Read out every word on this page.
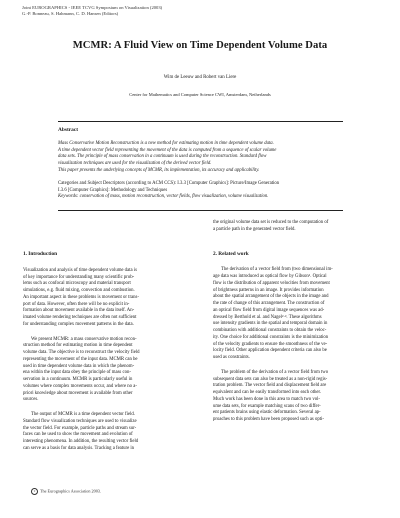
Joint EUROGRAPHICS - IEEE TCVG Symposium on Visualization (2003)
G.-P. Bonneau, S. Hahmann, C. D. Hansen (Editors)
MCMR: A Fluid View on Time Dependent Volume Data
Wim de Leeuw and Robert van Liere
Center for Mathematics and Computer Science CWI, Amsterdam, Netherlands
Abstract

Mass Conservative Motion Reconstruction is a new method for estimating motion in time dependent volume data.

A time dependent vector field representing the movement of the data is computed from a sequence of scalar volume

data sets. The principle of mass conservation in a continuum is used during the reconstruction. Standard flow

visualization techniques are used for the visualization of the derived vector field.

This paper presents the underlying concepts of MCMR, its implementation, its accuracy and applicability.

Categories and Subject Descriptors (according to ACM CCS): I.3.3 [Computer Graphics]: Picture/Image Generation

I.3.6 [Computer Graphics]: Methodology and Techniques

Keywords: conservation of mass, motion reconstruction, vector fields, flow visualization, volume visualization.

1. Introduction

Visualization and analysis of time dependent volume data is

of key importance for understanding many scientific prob-

lems such as confocal microscopy and material transport

simulations, e.g. fluid mixing, convection and combustion.

An important aspect in these problems is movement or trans-

port of data. However, often there will be no explicit in-

formation about movement available in the data itself. An-

imated volume rendering techniques are often not sufficient

for understanding complex movement patterns in the data.

We present MCMR: a mass conservative motion recon-

struction method for estimating motion in time dependent

volume data. The objective is to reconstruct the velocity field

representing the movement of the input data. MCMR can be

used in time dependent volume data in which the phenom-

ena within the input data obey the principle of mass con-

servation in a continuum. MCMR is particularly useful in

volumes where complex movements occur, and where no a-

priori knowledge about movement is available from other

sources.

The output of MCMR is a time dependent vector field.

Standard flow visualization techniques are used to visualize

the vector field. For example, particle paths and stream sur-

faces can be used to show the movement and evolution of

interesting phenomena. In addition, the resulting vector field

can serve as a basis for data analysis. Tracking a feature in

the original volume data set is reduced to the computation of

a particle path in the generated vector field.

2. Related work

The derivation of a vector field from (two dimensional im-

age data was introduced as optical flow by Gibson¹. Optical

flow is the distribution of apparent velocities from movement

of brightness patterns in an image. It provides information

about the spatial arrangement of the objects in the image and

the rate of change of this arrangement. The construction of

an optical flow field from digital image sequences was ad-

dressed by Berthold et al. and Nagel²·³. These algorithms

use intensity gradients in the spatial and temporal domain in

combination with additional constraints to obtain the veloc-

ity. One choice for additional constraints is the minimization

of the velocity gradients to ensure the smoothness of the ve-

locity field. Other application dependent criteria can also be

used as constraints.

The problem of the derivation of a vector field from two

subsequent data sets can also be treated as a non-rigid regis-

tration problem. The vector field and displacement field are

equivalent and can be easily transformed into each other.

Much work has been done in this area to match two vol-

ume data sets, for example matching scans of two differ-

ent patients brains using elastic deformation. Several ap-

proaches to this problem have been proposed such as opti-

c The Eurographics Association 2003.
